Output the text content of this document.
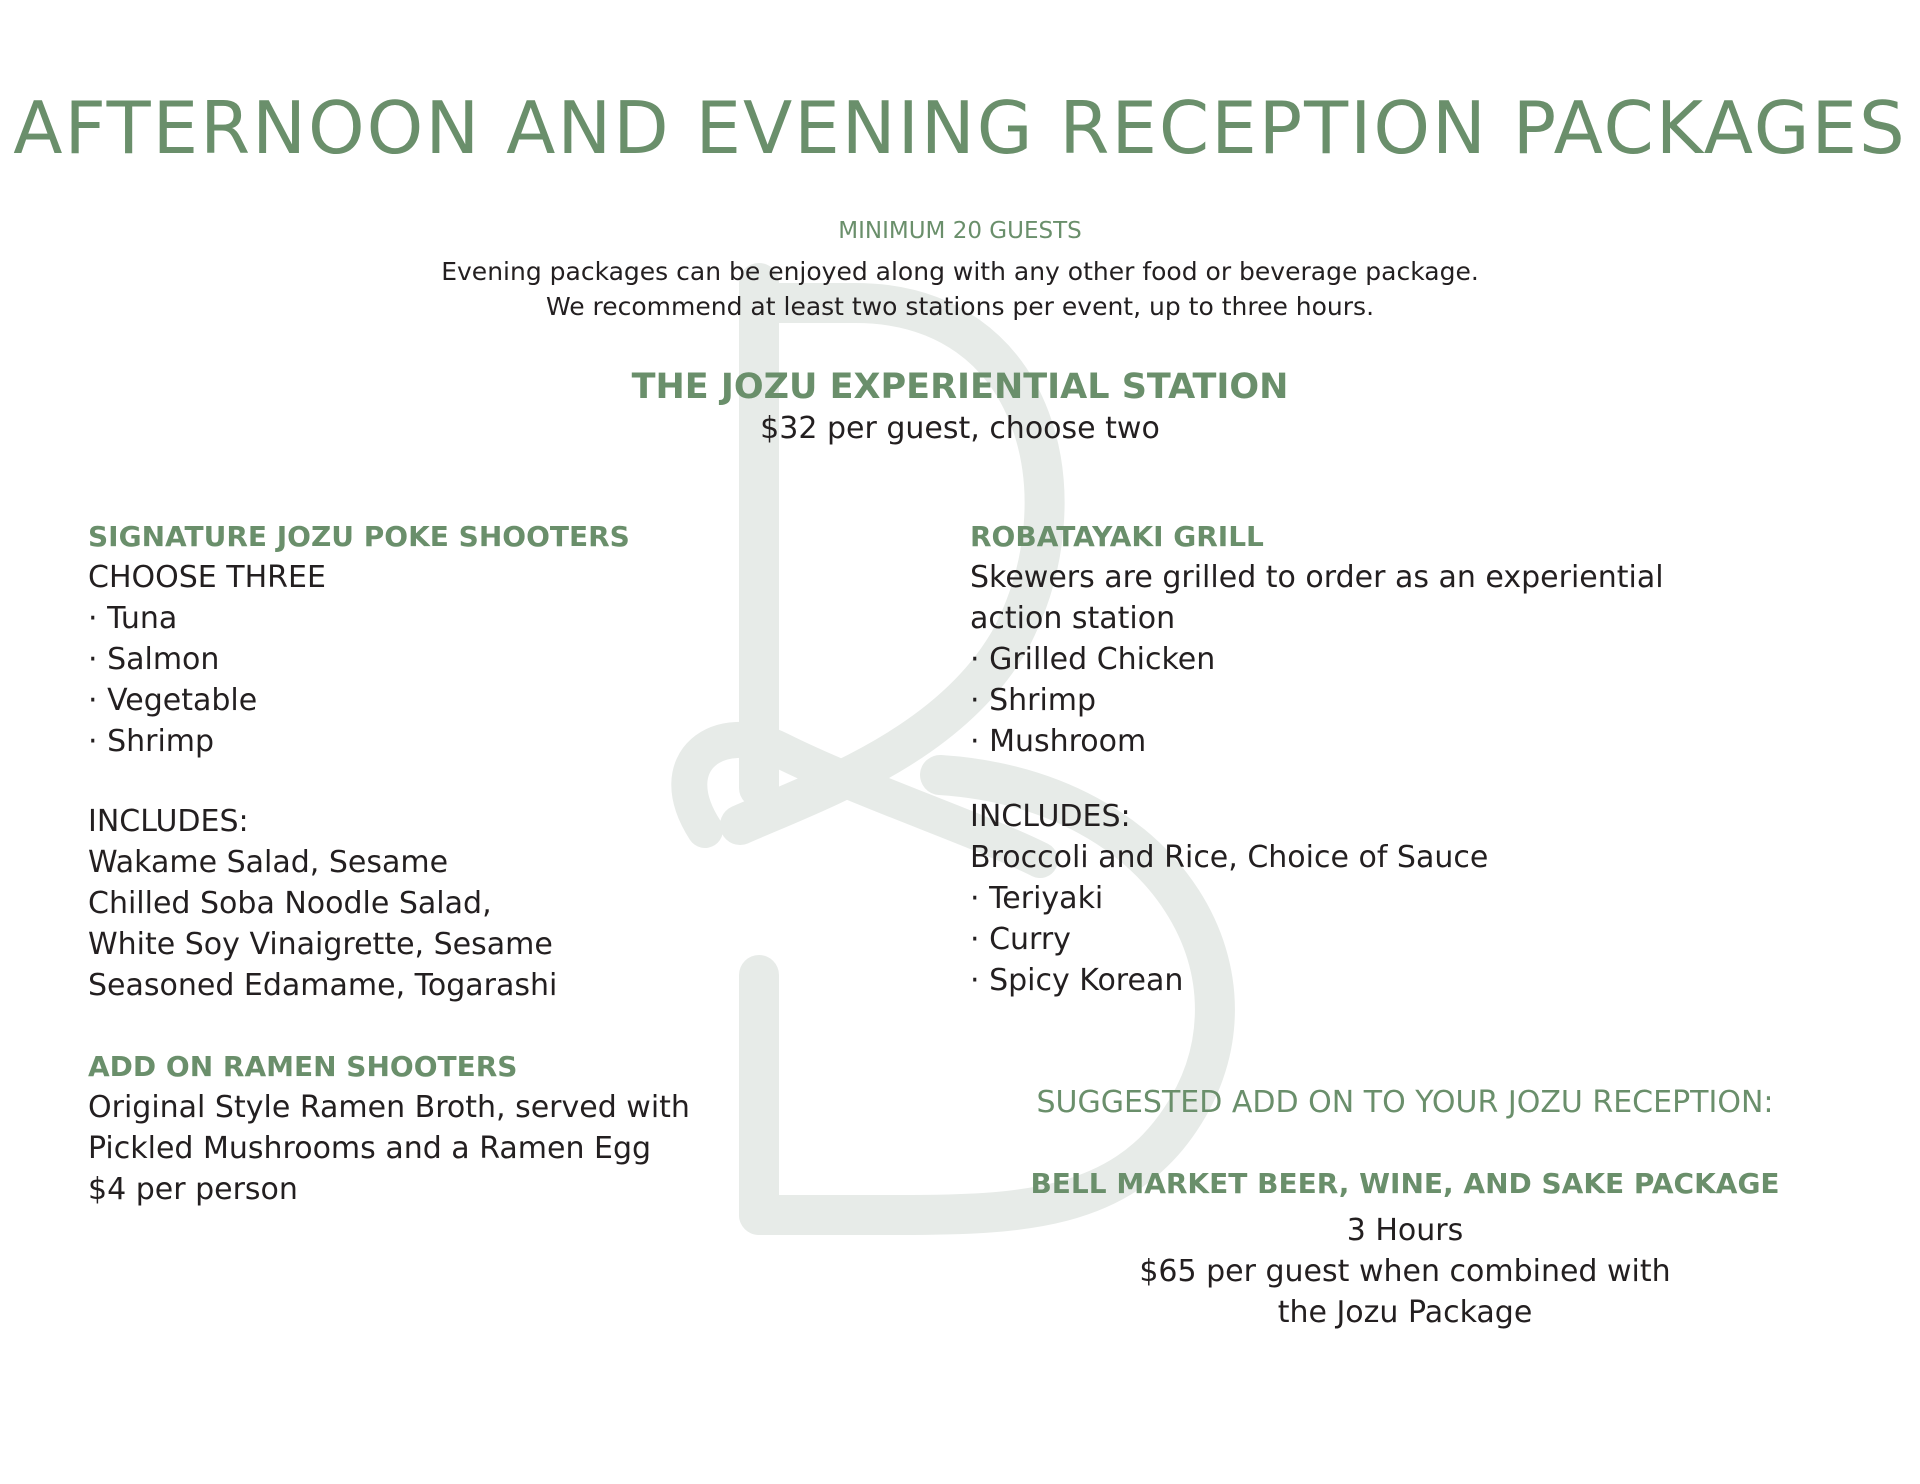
AFTERNOON AND EVENING RECEPTION PACKAGES
MINIMUM 20 GUESTS
Evening packages can be enjoyed along with any other food or beverage package.
We recommend at least two stations per event, up to three hours.
THE JOZU EXPERIENTIAL STATION
$32 per guest, choose two
SIGNATURE JOZU POKE SHOOTERS
CHOOSE THREE
· Tuna
· Salmon
· Vegetable
· Shrimp
INCLUDES:
Wakame Salad, Sesame
Chilled Soba Noodle Salad,
White Soy Vinaigrette, Sesame
Seasoned Edamame, Togarashi
ADD ON RAMEN SHOOTERS
Original Style Ramen Broth, served with
Pickled Mushrooms and a Ramen Egg
$4 per person
ROBATAYAKI GRILL
Skewers are grilled to order as an experiential
action station
· Grilled Chicken
· Shrimp
· Mushroom
INCLUDES:
Broccoli and Rice, Choice of Sauce
· Teriyaki
· Curry
· Spicy Korean
SUGGESTED ADD ON TO YOUR JOZU RECEPTION:
BELL MARKET BEER, WINE, AND SAKE PACKAGE
3 Hours
$65 per guest when combined with
the Jozu Package
